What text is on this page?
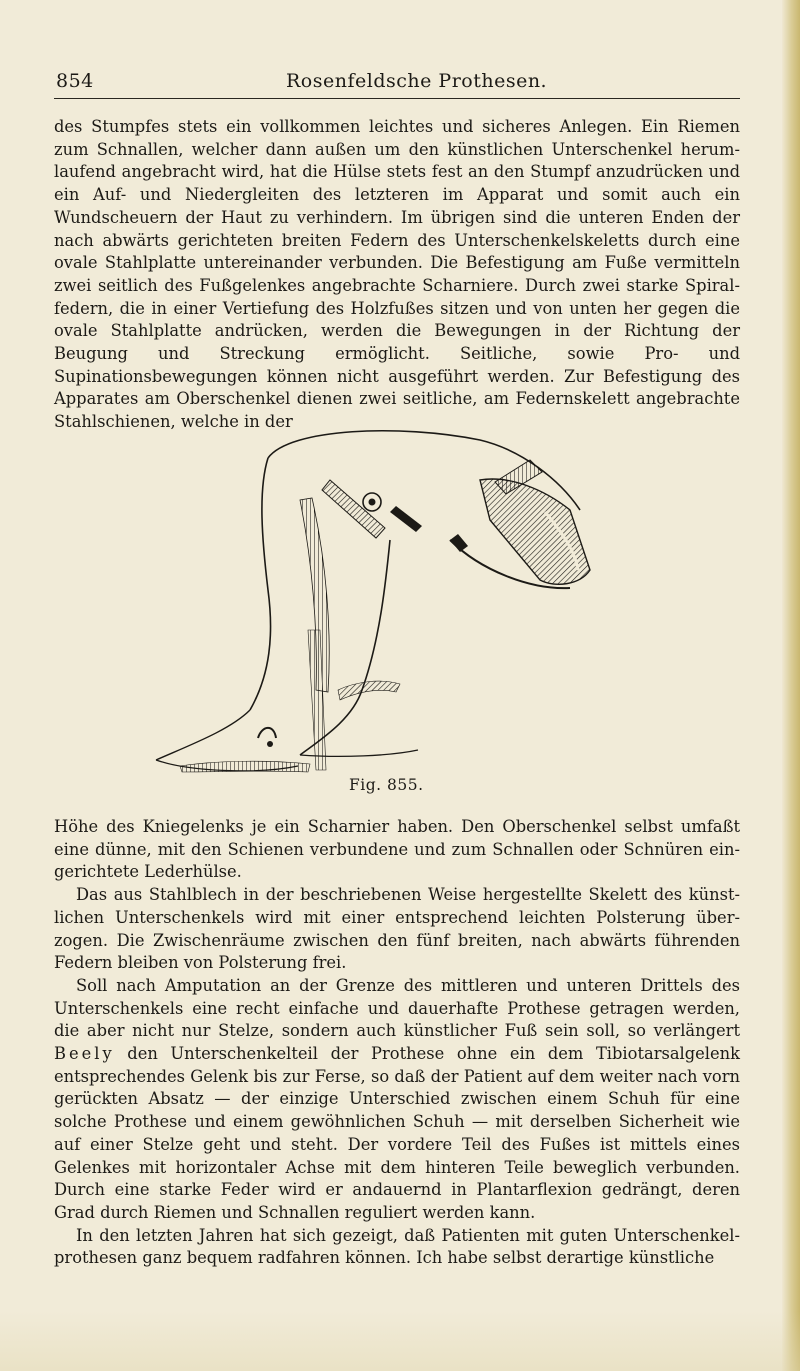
854	Rosenfeldsche Prothesen.

des Stumpfes stets ein vollkommen leichtes und sicheres Anlegen. Ein Riemen zum Schnallen, welcher dann außen um den künstlichen Unterschenkel herumlaufend angebracht wird, hat die Hülse stets fest an den Stumpf anzudrücken und ein Auf- und Niedergleiten des letzteren im Apparat und somit auch ein Wundscheuern der Haut zu verhindern. Im übrigen sind die unteren Enden der nach abwärts gerichteten breiten Federn des Unterschenkelskeletts durch eine ovale Stahlplatte untereinander verbunden. Die Befestigung am Fuße vermitteln zwei seitlich des Fußgelenkes angebrachte Scharniere. Durch zwei starke Spiralfedern, die in einer Vertiefung des Holzfußes sitzen und von unten her gegen die ovale Stahlplatte andrücken, werden die Bewegungen in der Richtung der Beugung und Streckung ermöglicht. Seitliche, sowie Pro- und Supinationsbewegungen können nicht ausgeführt werden. Zur Befestigung des Apparates am Oberschenkel dienen zwei seitliche, am Federnskelett angebrachte Stahlschienen, welche in der

Fig. 855.

Höhe des Kniegelenks je ein Scharnier haben. Den Oberschenkel selbst umfaßt eine dünne, mit den Schienen verbundene und zum Schnallen oder Schnüren eingerichtete Lederhülse.

Das aus Stahlblech in der beschriebenen Weise hergestellte Skelett des künstlichen Unterschenkels wird mit einer entsprechend leichten Polsterung überzogen. Die Zwischenräume zwischen den fünf breiten, nach abwärts führenden Federn bleiben von Polsterung frei.

Soll nach Amputation an der Grenze des mittleren und unteren Drittels des Unterschenkels eine recht einfache und dauerhafte Prothese getragen werden, die aber nicht nur Stelze, sondern auch künstlicher Fuß sein soll, so verlängert Beely den Unterschenkelteil der Prothese ohne ein dem Tibiotarsalgelenk entsprechendes Gelenk bis zur Ferse, so daß der Patient auf dem weiter nach vorn gerückten Absatz — der einzige Unterschied zwischen einem Schuh für eine solche Prothese und einem gewöhnlichen Schuh — mit derselben Sicherheit wie auf einer Stelze geht und steht. Der vordere Teil des Fußes ist mittels eines Gelenkes mit horizontaler Achse mit dem hinteren Teile beweglich verbunden. Durch eine starke Feder wird er andauernd in Plantarflexion gedrängt, deren Grad durch Riemen und Schnallen reguliert werden kann.

In den letzten Jahren hat sich gezeigt, daß Patienten mit guten Unterschenkelprothesen ganz bequem radfahren können. Ich habe selbst derartige künstliche
